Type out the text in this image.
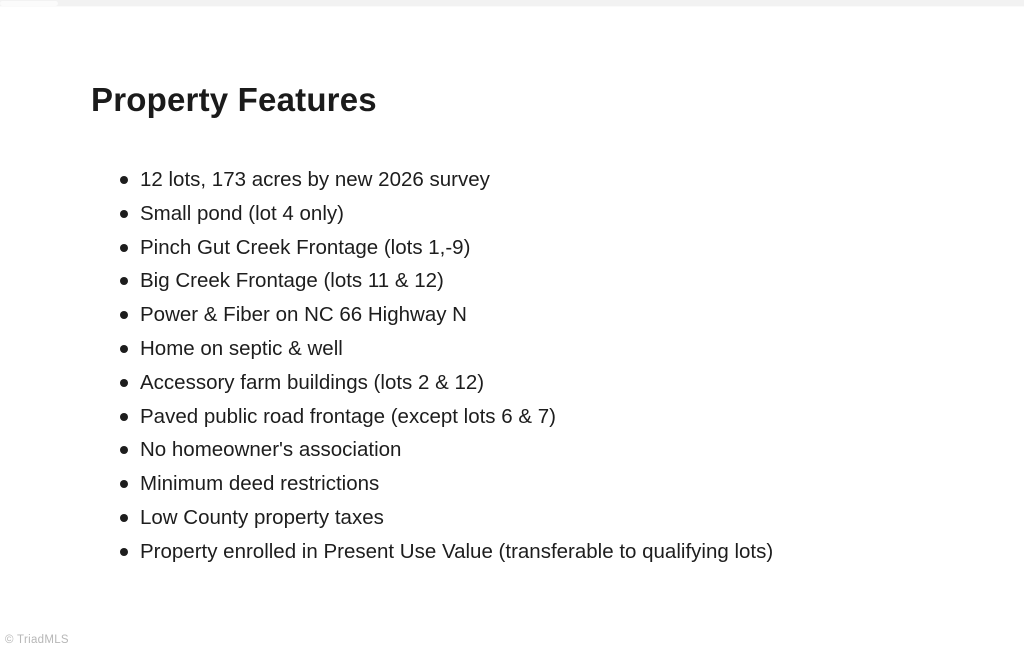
Property Features
12 lots, 173 acres by new 2026 survey
Small pond (lot 4 only)
Pinch Gut Creek Frontage (lots 1,-9)
Big Creek Frontage (lots 11 & 12)
Power & Fiber on NC 66 Highway N
Home on septic & well
Accessory farm buildings (lots 2 & 12)
Paved public road frontage (except lots 6 & 7)
No homeowner's association
Minimum deed restrictions
Low County property taxes
Property enrolled in Present Use Value (transferable to qualifying lots)
© TriadMLS
